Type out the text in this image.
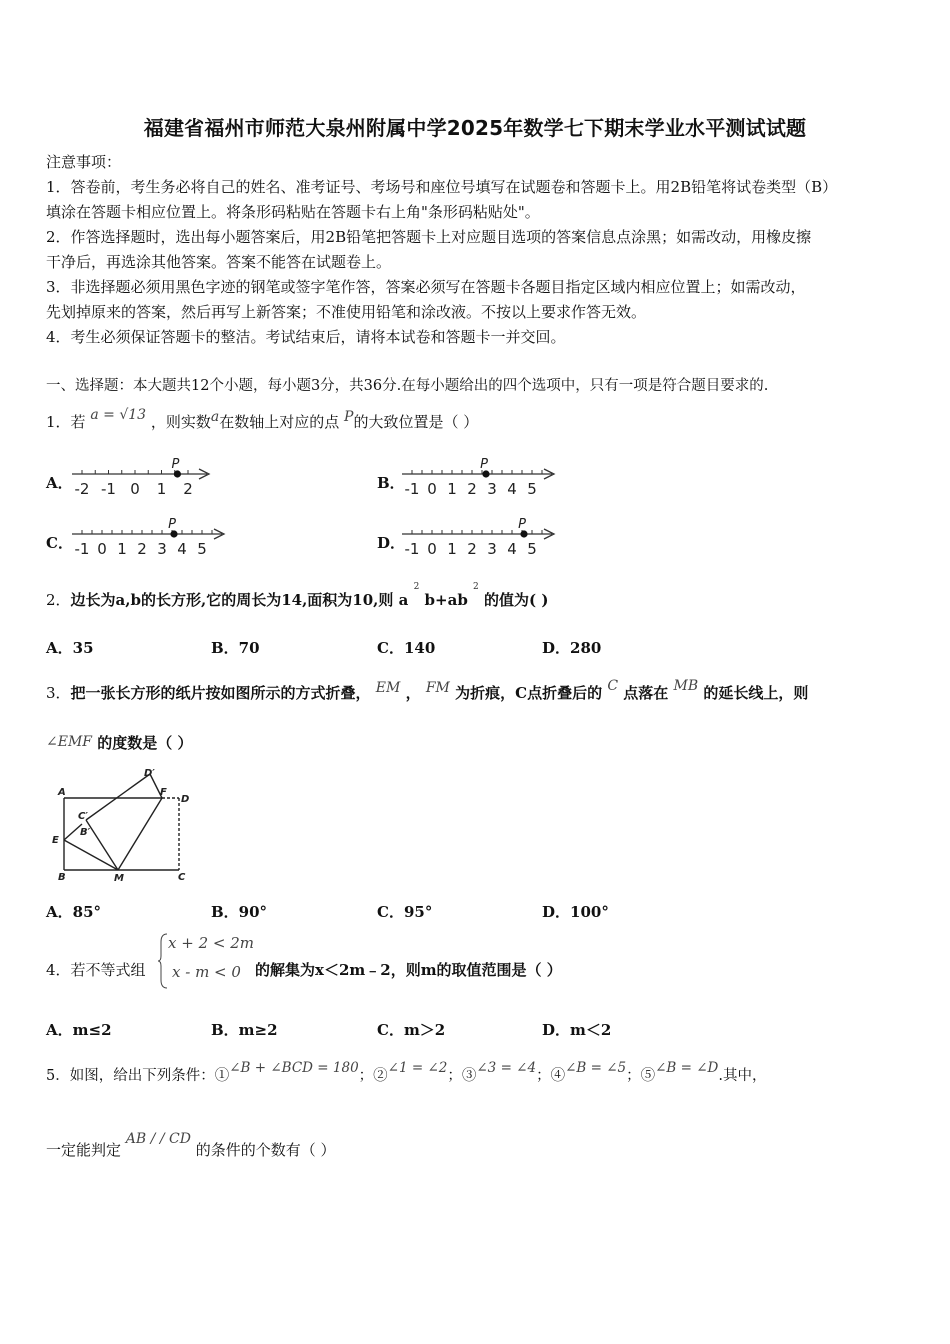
福建省福州市师范大泉州附属中学2025年数学七下期末学业水平测试试题
注意事项：
1．答卷前，考生务必将自己的姓名、准考证号、考场号和座位号填写在试题卷和答题卡上。用2B铅笔将试卷类型（B）
填涂在答题卡相应位置上。将条形码粘贴在答题卡右上角"条形码粘贴处"。
2．作答选择题时，选出每小题答案后，用2B铅笔把答题卡上对应题目选项的答案信息点涂黑；如需改动，用橡皮擦
干净后，再选涂其他答案。答案不能答在试题卷上。
3．非选择题必须用黑色字迹的钢笔或签字笔作答，答案必须写在答题卡各题目指定区域内相应位置上；如需改动，
先划掉原来的答案，然后再写上新答案；不准使用铅笔和涂改液。不按以上要求作答无效。
4．考生必须保证答题卡的整洁。考试结束后，请将本试卷和答题卡一并交回。
一、选择题：本大题共12个小题，每小题3分，共36分.在每小题给出的四个选项中，只有一项是符合题目要求的.
1．若 a = √13 ，则实数a在数轴上对应的点 P的大致位置是（ ）
A． -2 -1 0 1 2
P
B． -1 0 1 2 3 4 5
P
C． -1 0 1 2 3 4 5
P
D． -1 0 1 2 3 4 5
P
2．边长为a,b的长方形,它的周长为14,面积为10,则 a $^2$ b+ab $^2$ 的值为( )
A．35	B．70	C．140	D．280
3．把一张长方形的纸片按如图所示的方式折叠， EM ， FM 为折痕，C点折叠后的 C 点落在 MB 的延长线上，则
∠EMF 的度数是（ ）
A
B	C
D
D′
F
E
C′
B′
M
A．85°	B．90°	C．95°	D．100°
4．若不等式组
x + 2 < 2m
x - m < 0 的解集为x＜2m﹣2，则m的取值范围是（ ）
A．m≤2	B．m≥2	C．m＞2	D．m＜2
5．如图，给出下列条件：①∠B + ∠BCD = 180；②∠1 = ∠2；③∠3 = ∠4；④∠B = ∠5；⑤∠B = ∠D.其中，
一定能判定 AB / / CD 的条件的个数有（ ）
